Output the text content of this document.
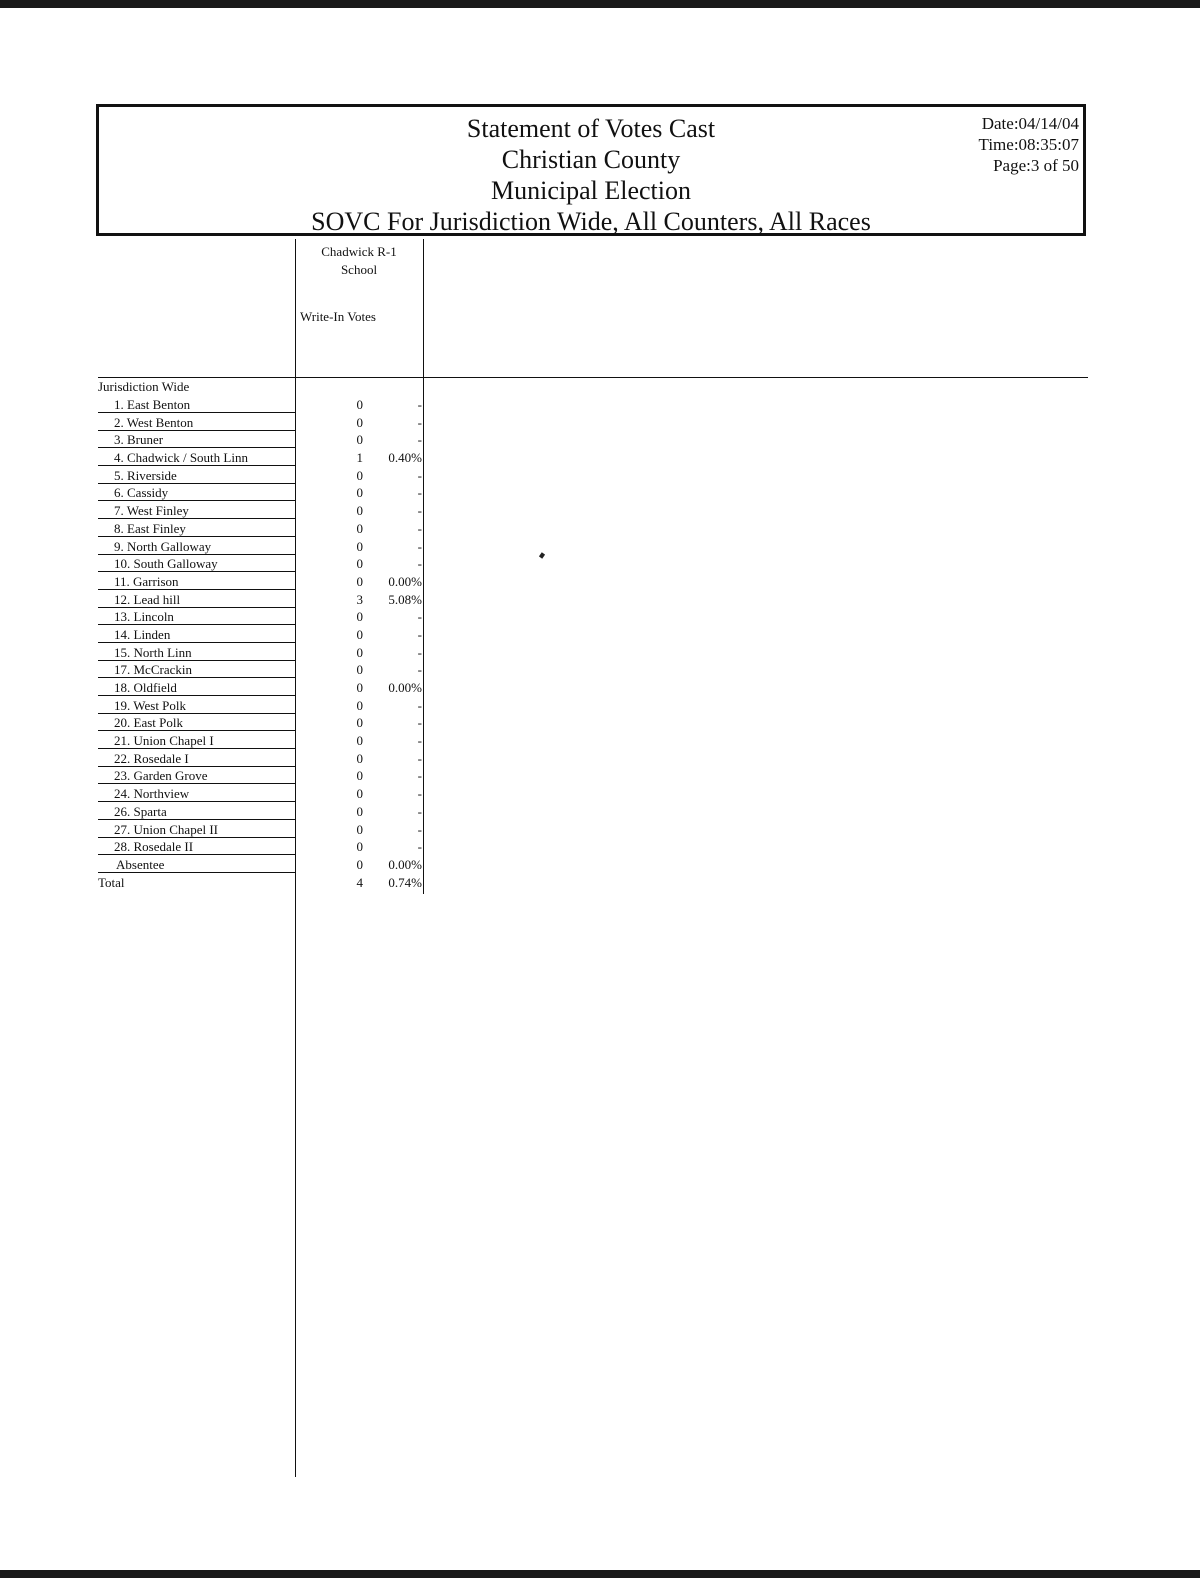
Statement of Votes Cast
Christian County
Municipal Election
SOVC For Jurisdiction Wide, All Counters, All Races
Date:04/14/04
Time:08:35:07
Page:3 of 50
Chadwick R-1
School
Write-In Votes
Jurisdiction Wide
1. East Benton	0	-
2. West Benton	0	-
3. Bruner	0	-
4. Chadwick / South Linn	1	0.40%
5. Riverside	0	-
6. Cassidy	0	-
7. West Finley	0	-
8. East Finley	0	-
9. North Galloway	0	-
10. South Galloway	0	-
11. Garrison	0	0.00%
12. Lead hill	3	5.08%
13. Lincoln	0	-
14. Linden	0	-
15. North Linn	0	-
17. McCrackin	0	-
18. Oldfield	0	0.00%
19. West Polk	0	-
20. East Polk	0	-
21. Union Chapel I	0	-
22. Rosedale I	0	-
23. Garden Grove	0	-
24. Northview	0	-
26. Sparta	0	-
27. Union Chapel II	0	-
28. Rosedale II	0	-
Absentee	0	0.00%
Total	4	0.74%
